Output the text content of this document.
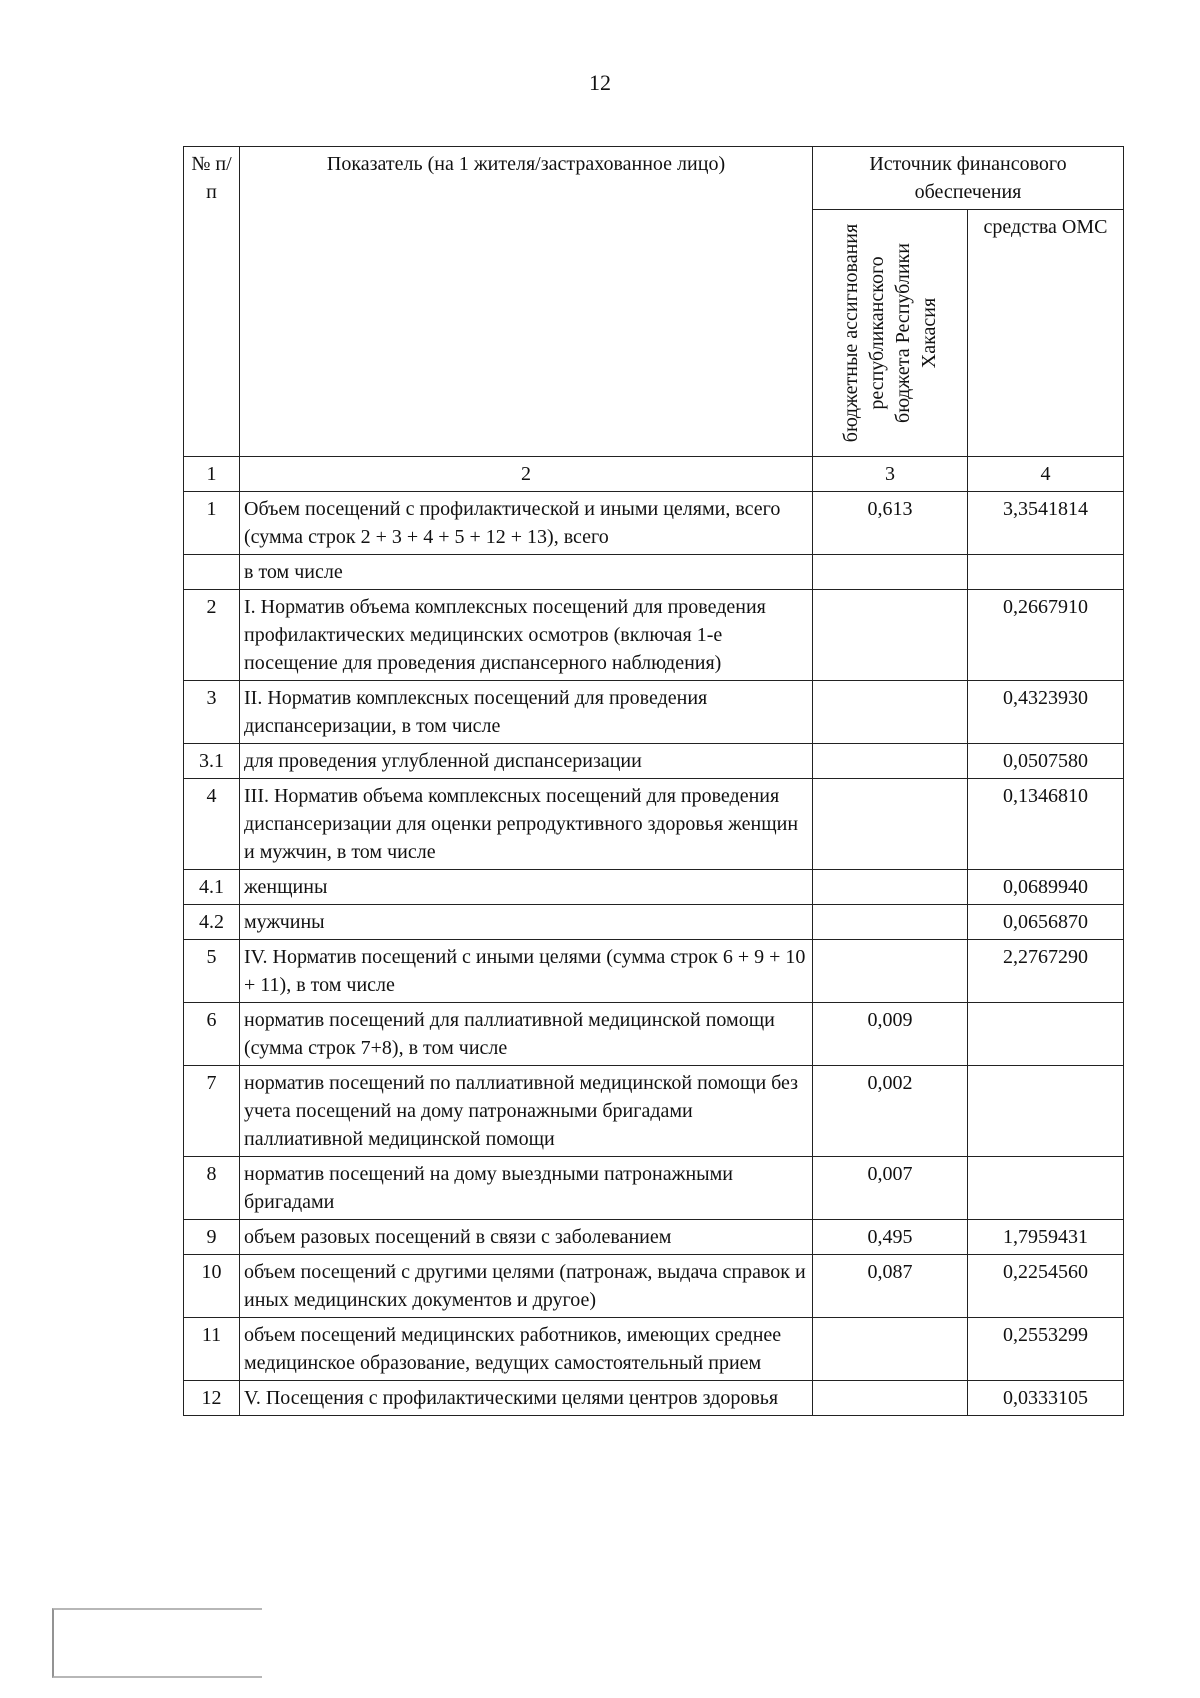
12
№ п/п	Показатель (на 1 жителя/застрахованное лицо)	Источник финансового обеспечения	

		бюджетные ассигнования республиканского бюджета Республики Хакасия	средства ОМС
1	2	3	4
1	Объем посещений с профилактической и иными целями, всего (сумма строк 2 + 3 + 4 + 5 + 12 + 13), всего	0,613	3,3541814
	в том числе		
2	I. Норматив объема комплексных посещений для проведения профилактических медицинских осмотров (включая 1-е посещение для проведения диспансерного наблюдения)		0,2667910
3	II. Норматив комплексных посещений для проведения диспансеризации, в том числе		0,4323930
3.1	для проведения углубленной диспансеризации		0,0507580
4	III. Норматив объема комплексных посещений для проведения диспансеризации для оценки репродуктивного здоровья женщин и мужчин, в том числе		0,1346810
4.1	женщины		0,0689940
4.2	мужчины		0,0656870
5	IV. Норматив посещений с иными целями (сумма строк 6 + 9 + 10 + 11), в том числе		2,2767290
6	норматив посещений для паллиативной медицинской помощи (сумма строк 7+8), в том числе	0,009	
7	норматив посещений по паллиативной медицинской помощи без учета посещений на дому патронажными бригадами паллиативной медицинской помощи	0,002	
8	норматив посещений на дому выездными патронажными бригадами	0,007	
9	объем разовых посещений в связи с заболеванием	0,495	1,7959431
10	объем посещений с другими целями (патронаж, выдача справок и иных медицинских документов и другое)	0,087	0,2254560
11	объем посещений медицинских работников, имеющих среднее медицинское образование, ведущих самостоятельный прием		0,2553299
12	V. Посещения с профилактическими целями центров здоровья		0,0333105
